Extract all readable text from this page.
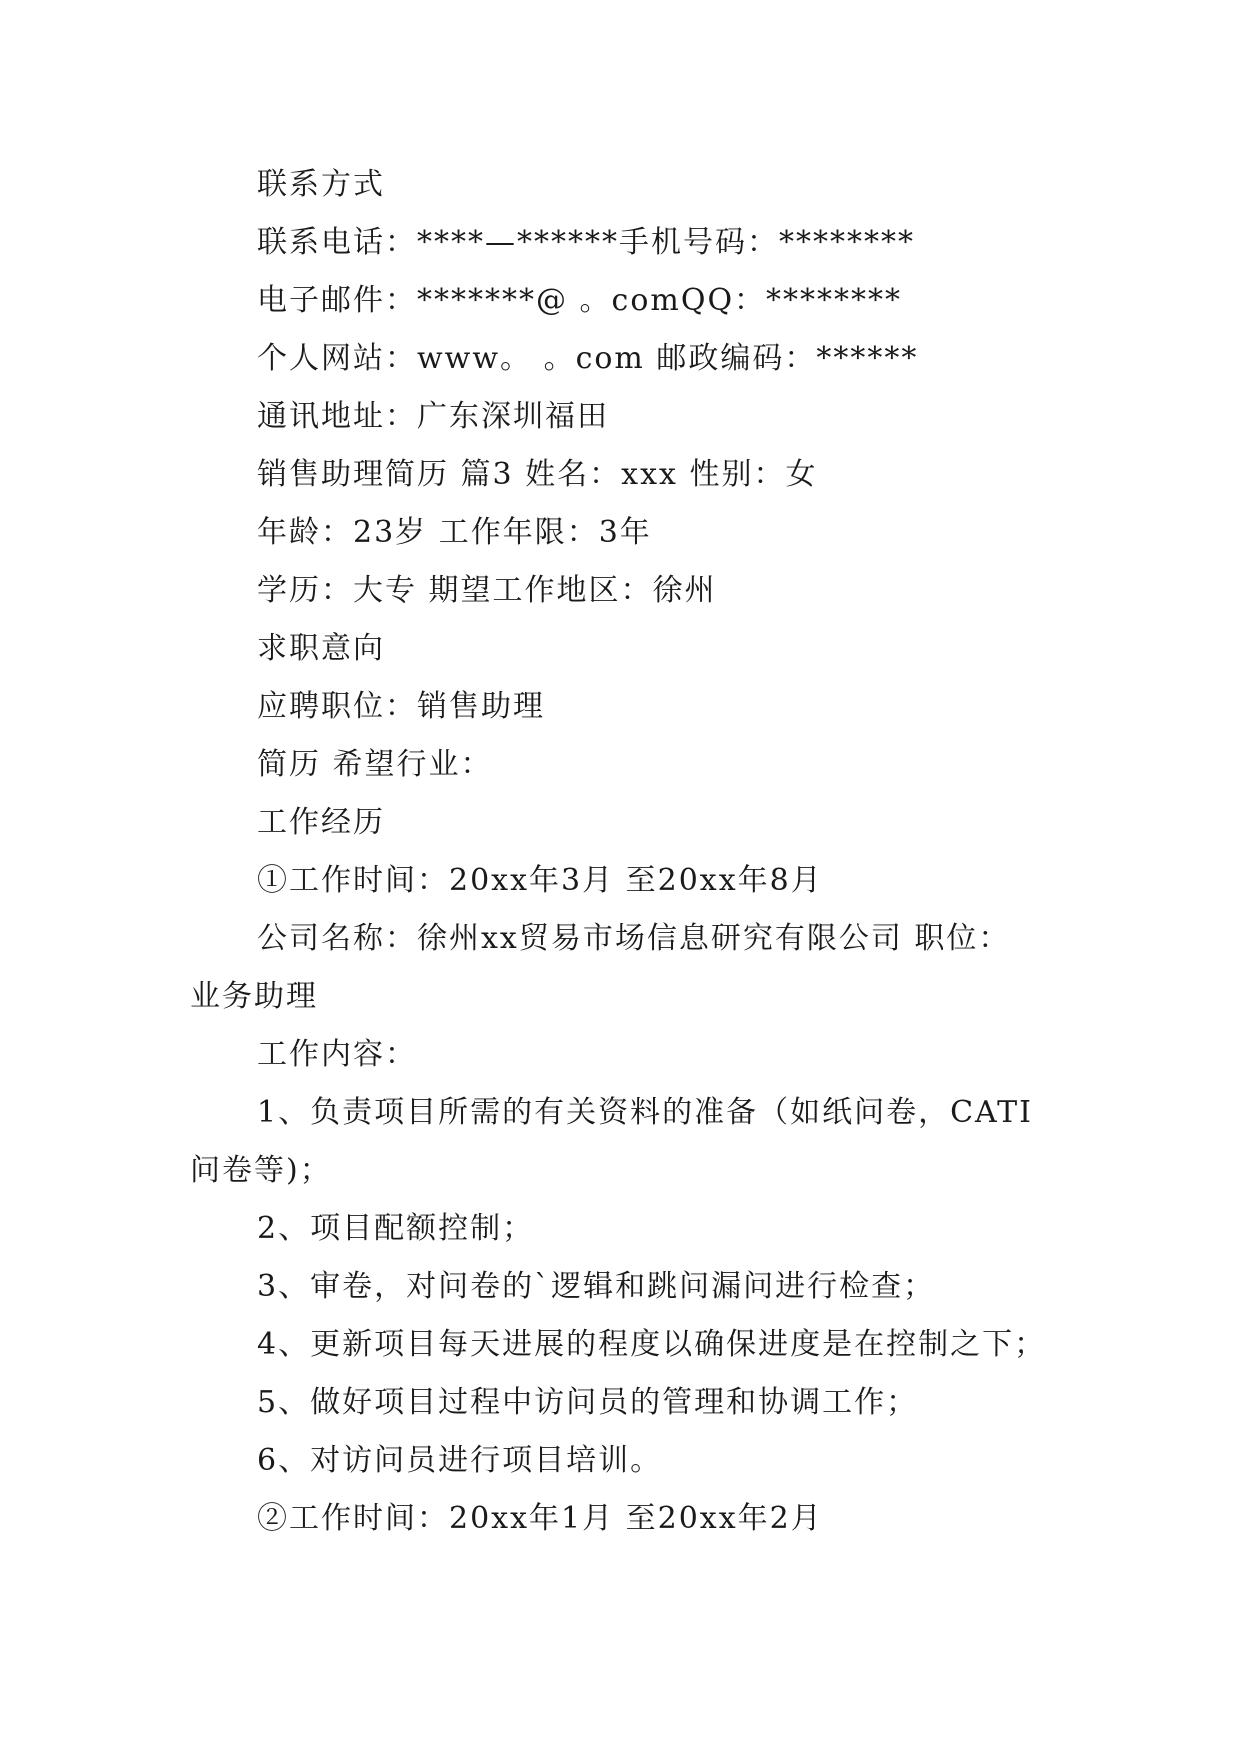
联系方式
联系电话：****—******手机号码：********
电子邮件：*******@ 。comQQ：********
个人网站：www。 。com 邮政编码：******
通讯地址：广东深圳福田
销售助理简历 篇3 姓名：xxx 性别：女
年龄：23岁 工作年限：3年
学历：大专 期望工作地区：徐州
求职意向
应聘职位：销售助理
简历 希望行业：
工作经历
①工作时间：20xx年3月 至20xx年8月
公司名称：徐州xx贸易市场信息研究有限公司 职位：
业务助理
工作内容：
1、负责项目所需的有关资料的准备（如纸问卷，CATI
问卷等)；
2、项目配额控制；
3、审卷，对问卷的`逻辑和跳问漏问进行检查；
4、更新项目每天进展的程度以确保进度是在控制之下；
5、做好项目过程中访问员的管理和协调工作；
6、对访问员进行项目培训。
②工作时间：20xx年1月 至20xx年2月
